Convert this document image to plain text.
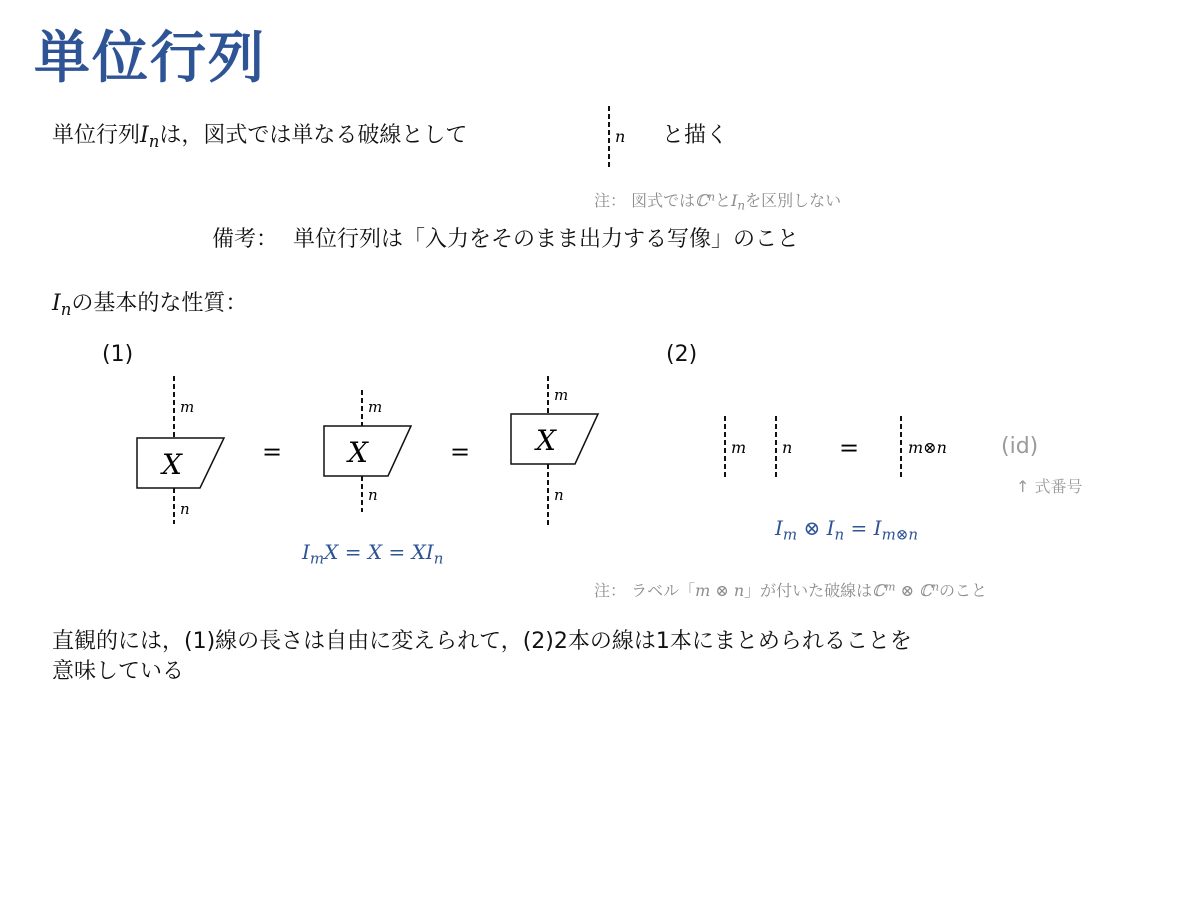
単位行列
単位行列$I_n$は，図式では単なる破線として	n と描く
注： 図式ではℂ$^n$と$I_n$を区別しない
備考： 単位行列は「入力をそのまま出力する写像」のこと
$I_n$の基本的な性質：
(1)	(2)
m
X
n
=
m
X
n
=
m
X
n
$I_mX = X = XI_n$
m n =	m⊗n (id)
↑ 式番号
$I_m$ ⊗ $I_n = I_{m\otimes n}$
注： ラベル「m ⊗ n」が付いた破線はℂ$^m$ ⊗ ℂ$^n$のこと
直観的には，(1)線の長さは自由に変えられて，(2)2本の線は1本にまとめられることを
意味している
